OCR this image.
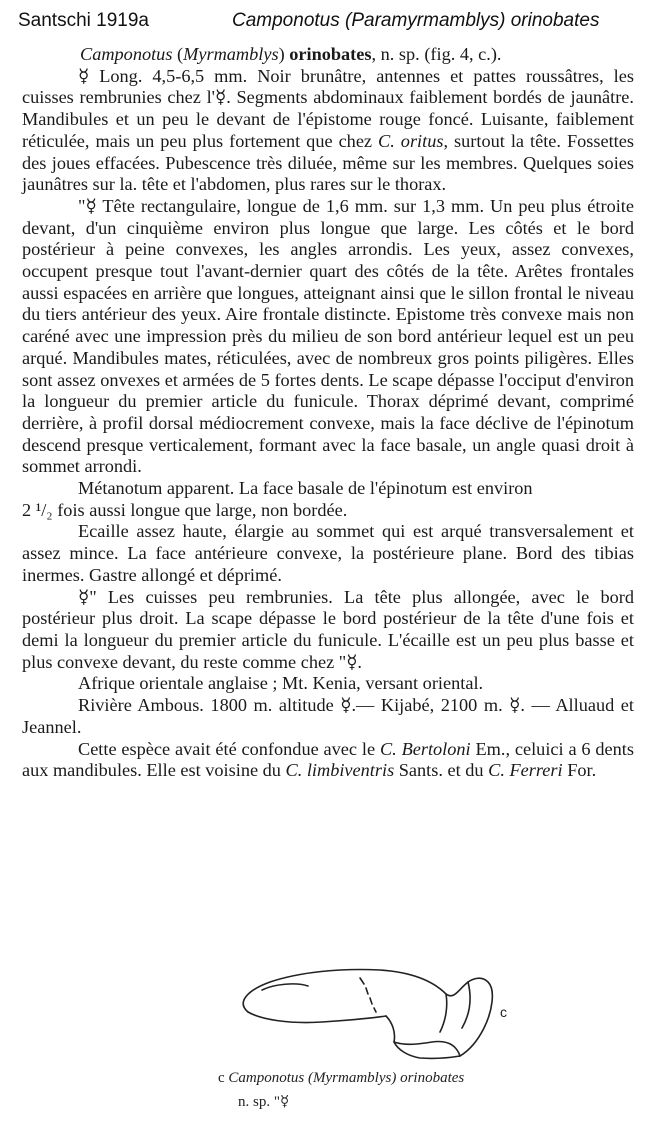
Santschi 1919a	Camponotus (Paramyrmamblys) orinobates

Camponotus (Myrmamblys) orinobates, n. sp. (fig. 4, c.).

☿ Long. 4,5-6,5 mm. Noir brunâtre, antennes et pattes roussâtres, les cuisses rembrunies chez l'☿. Segments abdominaux faiblement bordés de jaunâtre. Mandibules et un peu le devant de l'épistome rouge foncé. Luisante, faiblement réticulée, mais un peu plus fortement que chez C. oritus, surtout la tête. Fossettes des joues effacées. Pubescence très diluée, même sur les membres. Quelques soies jaunâtres sur la. tête et l'abdomen, plus rares sur le thorax.

"☿ Tête rectangulaire, longue de 1,6 mm. sur 1,3 mm. Un peu plus étroite devant, d'un cinquième environ plus longue que large. Les côtés et le bord postérieur à peine convexes, les angles arrondis. Les yeux, assez convexes, occupent presque tout l'avant-dernier quart des côtés de la tête. Arêtes frontales aussi espacées en arrière que longues, atteignant ainsi que le sillon frontal le niveau du tiers antérieur des yeux. Aire frontale distincte. Epistome très convexe mais non caréné avec une impression près du milieu de son bord antérieur lequel est un peu arqué. Mandibules mates, réticulées, avec de nombreux gros points piligères. Elles sont assez onvexes et armées de 5 fortes dents. Le scape dépasse l'occiput d'environ la longueur du premier article du funicule. Thorax déprimé devant, comprimé derrière, à profil dorsal médiocrement convexe, mais la face déclive de l'épinotum descend presque verticalement, formant avec la face basale, un angle quasi droit à sommet arrondi.

Métanotum apparent. La face basale de l'épinotum est environ

2 ¹/₂ fois aussi longue que large, non bordée.

Ecaille assez haute, élargie au sommet qui est arqué transversalement et assez mince. La face antérieure convexe, la postérieure plane. Bord des tibias inermes. Gastre allongé et déprimé.

☿" Les cuisses peu rembrunies. La tête plus allongée, avec le bord postérieur plus droit. La scape dépasse le bord postérieur de la tête d'une fois et demi la longueur du premier article du funicule. L'écaille est un peu plus basse et plus convexe devant, du reste comme chez "☿.

Afrique orientale anglaise ; Mt. Kenia, versant oriental.

Rivière Ambous. 1800 m. altitude ☿.— Kijabé, 2100 m. ☿. — Alluaud et Jeannel.

Cette espèce avait été confondue avec le C. Bertoloni Em., celuici a 6 dents aux mandibules. Elle est voisine du C. limbiventris Sants. et du C. Ferreri For.

c
c Camponotus (Myrmamblys) orinobates
n. sp. "☿
